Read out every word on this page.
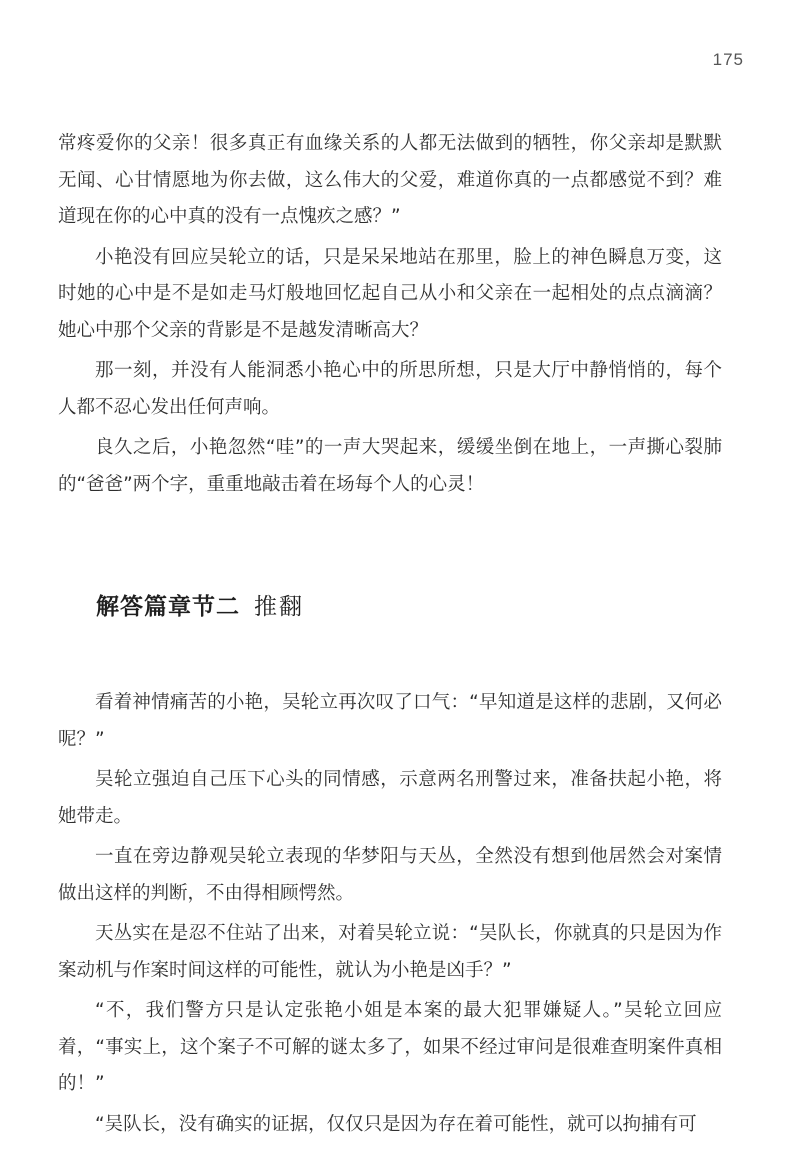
175

常疼爱你的父亲！很多真正有血缘关系的人都无法做到的牺牲，你父亲却是默默无闻、心甘情愿地为你去做，这么伟大的父爱，难道你真的一点都感觉不到？难道现在你的心中真的没有一点愧疚之感？”

小艳没有回应吴轮立的话，只是呆呆地站在那里，脸上的神色瞬息万变，这时她的心中是不是如走马灯般地回忆起自己从小和父亲在一起相处的点点滴滴？她心中那个父亲的背影是不是越发清晰高大？

那一刻，并没有人能洞悉小艳心中的所思所想，只是大厅中静悄悄的，每个人都不忍心发出任何声响。

良久之后，小艳忽然“哇”的一声大哭起来，缓缓坐倒在地上，一声撕心裂肺的“爸爸”两个字，重重地敲击着在场每个人的心灵！

解答篇章节二 推翻

看着神情痛苦的小艳，吴轮立再次叹了口气：“早知道是这样的悲剧，又何必呢？”

吴轮立强迫自己压下心头的同情感，示意两名刑警过来，准备扶起小艳，将她带走。

一直在旁边静观吴轮立表现的华梦阳与天丛，全然没有想到他居然会对案情做出这样的判断，不由得相顾愕然。

天丛实在是忍不住站了出来，对着吴轮立说：“吴队长，你就真的只是因为作案动机与作案时间这样的可能性，就认为小艳是凶手？”

“不，我们警方只是认定张艳小姐是本案的最大犯罪嫌疑人。”吴轮立回应着，“事实上，这个案子不可解的谜太多了，如果不经过审问是很难查明案件真相的！”

“吴队长，没有确实的证据，仅仅只是因为存在着可能性，就可以拘捕有可
